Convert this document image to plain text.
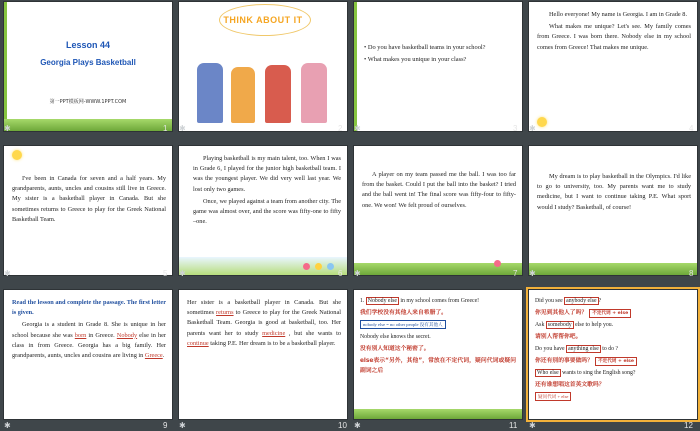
Lesson 44
Georgia Plays Basketball
第一PPT模板网-WWW.1PPT.COM
✱	1
THINK ABOUT IT
✱	2
• Do you have basketball teams in your school?
• What makes you unique in your class?
✱	3

Hello everyone! My name is Georgia. I am in Grade 8.

What makes me unique? Let's see. My family comes from Greece. I was born there. Nobody else in my school comes from Greece! That makes me unique.

✱	4

I've been in Canada for seven and a half years. My grandparents, aunts, uncles and cousins still live in Greece. My sister is a basketball player in Canada. But she sometimes returns to Greece to play for the Greek National Basketball Team.

✱	5

Playing basketball is my main talent, too. When I was in Grade 6, I played for the junior high basketball team. I was the youngest player. We did very well last year. We lost only two games.

Once, we played against a team from another city. The game was almost over, and the score was fifty-one to fifty –one.

✱	6

A player on my team passed me the ball. I was too far from the basket. Could I put the ball into the basket? I tried and the ball went in! The final score was fifty-four to fifty-one. We won! We felt proud of ourselves.

✱	7

My dream is to play basketball in the Olympics. I'd like to go to university, too. My parents want me to study medicine, but I want to continue taking P.E. What sport would I study? Basketball, of course!

✱	8

Read the lesson and complete the passage. The first letter is given.

Georgia is a student in Grade 8. She is unique in her school because she was born in Greece. Nobody else in her class in from Greece. Georgia has a big family. Her grandparents, aunts, uncles and cousins are living in Greece.

✱	9

Her sister is a basketball player in Canada. But she sometimes returns to Greece to play for the Greek National Basketball Team. Georgia is good at basketball, too. Her parents want her to study medicine , but she wants to continue taking P.E. Her dream is to be a basketball player.

✱	10

1. Nobody else in my school comes from Greece!

我们学校没有其他人来自希腊了。

nobody else = no other people 没有其他人

Nobody else knows the secret.

没有别人知道这个秘密了。

else表示“另外，其他”，常放在不定代词，疑问代词或疑问副词之后

✱	11

Did you see anybody else ?

你见到其他人了吗？ 不定代词 + else

Ask somebody else to help you.

请别人帮帮你吧。

Do you have anything else to do ?

你还有别的事要做吗？ 不定代词 + else

Who else wants to sing the English song?

还有谁想唱这首英文歌吗？

疑问代词 + else

✱	12
